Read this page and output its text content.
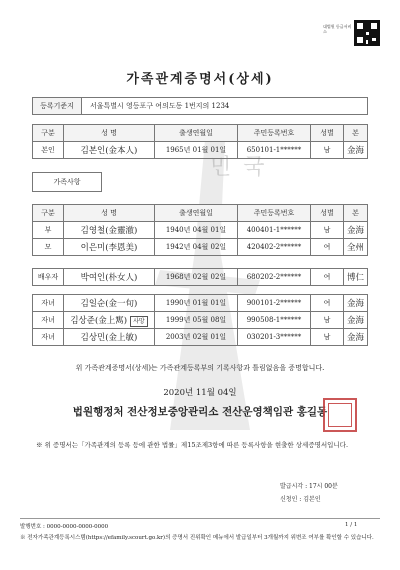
대법원 등급서비스
가족관계증명서(상세)
민국
등록기준지	서울특별시 영등포구 여의도동 1번지의 1234
구분	성 명	출생연월일	주민등록번호	성별	본
본인	김본인(金本人)	1965년 01월 01일	650101-1******	남	金海
가족사항
구분	성 명	출생연월일	주민등록번호	성별	본
부	김영철(金靈澈)	1940년 04월 01일	400401-1******	남	金海
모	이은미(李恩美)	1942년 04월 02일	420402-2******	여	全州
배우자	박여인(朴女人)	1968년 02월 02일	680202-2******	여	博仁
자녀	김일순(金一旬)	1990년 01월 01일	900101-2******	여	金海
자녀	김상준(金上寯) 사망	1999년 05월 08일	990508-1******	남	金海
자녀	김상민(金上敏)	2003년 02월 01일	030201-3******	남	金海
위 가족관계증명서(상세)는 가족관계등록부의 기록사항과 틀림없음을 증명합니다.
2020년 11월 04일
법원행정처 전산정보중앙관리소 전산운영책임관 홍길동
※ 위 증명서는「가족관계의 등록 등에 관한 법률」제15조제3항에 따른 등록사항을 현출한 상세증명서입니다.
발급시각 : 17시 00분
신청인 : 김본인
발행번호 : 0000-0000-0000-0000	1 / 1
※ 전자가족관계등록시스템(https://efamily.scourt.go.kr)의 증명서 진위확인 메뉴에서 발급일부터 3개월까지 위변조 여부를 확인할 수 있습니다.
